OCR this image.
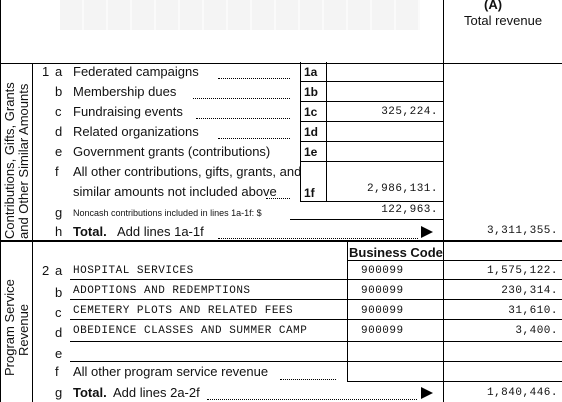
(A)
Total revenue
Contributions, Gifts, Grants and Other Similar Amounts
Program Service Revenue
1 a Federated campaigns	1a
b Membership dues	1b
c Fundraising events	1c	325,224.
d Related organizations	1d
e Government grants (contributions)	1e
f All other contributions, gifts, grants, and
similar amounts not included above 1f	2,986,131.
g Noncash contributions included in lines 1a-1f: $	122,963.
h Total. Add lines 1a-1f	3,311,355.
Business Code
2 a HOSPITAL SERVICES	900099	1,575,122.
b ADOPTIONS AND REDEMPTIONS	900099	230,314.
c CEMETERY PLOTS AND RELATED FEES	900099	31,610.
d OBEDIENCE CLASSES AND SUMMER CAMP	900099	3,400.
e
f All other program service revenue
g Total. Add lines 2a-2f	1,840,446.
